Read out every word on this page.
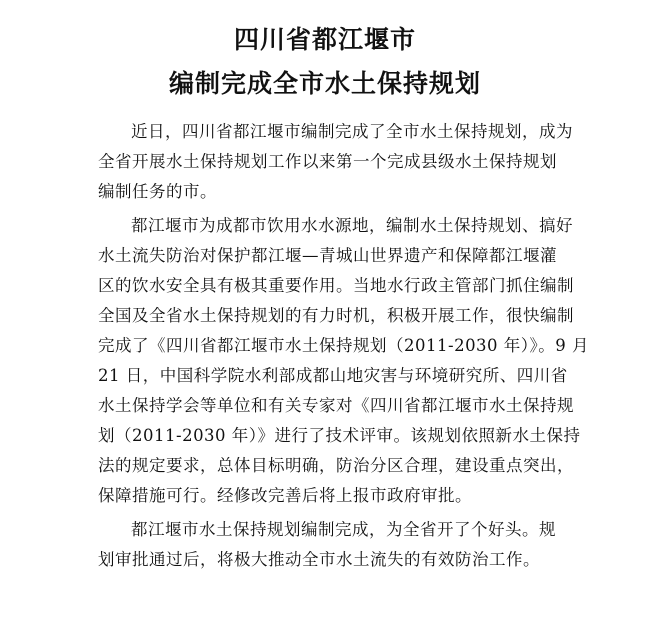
四川省都江堰市
编制完成全市水土保持规划
近日，四川省都江堰市编制完成了全市水土保持规划，成为
全省开展水土保持规划工作以来第一个完成县级水土保持规划
编制任务的市。
都江堰市为成都市饮用水水源地，编制水土保持规划、搞好
水土流失防治对保护都江堰—青城山世界遗产和保障都江堰灌
区的饮水安全具有极其重要作用。当地水行政主管部门抓住编制
全国及全省水土保持规划的有力时机，积极开展工作，很快编制
完成了《四川省都江堰市水土保持规划（2011-2030 年）》。9 月
21 日，中国科学院水利部成都山地灾害与环境研究所、四川省
水土保持学会等单位和有关专家对《四川省都江堰市水土保持规
划（2011-2030 年）》进行了技术评审。该规划依照新水土保持
法的规定要求，总体目标明确，防治分区合理，建设重点突出，
保障措施可行。经修改完善后将上报市政府审批。
都江堰市水土保持规划编制完成，为全省开了个好头。规
划审批通过后，将极大推动全市水土流失的有效防治工作。
